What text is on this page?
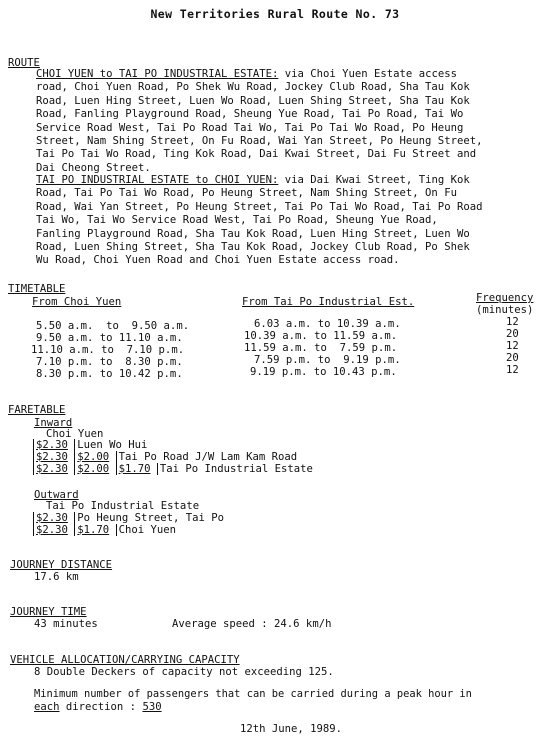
New Territories Rural Route No. 73
ROUTE
CHOI YUEN to TAI PO INDUSTRIAL ESTATE: via Choi Yuen Estate access
road, Choi Yuen Road, Po Shek Wu Road, Jockey Club Road, Sha Tau Kok
Road, Luen Hing Street, Luen Wo Road, Luen Shing Street, Sha Tau Kok
Road, Fanling Playground Road, Sheung Yue Road, Tai Po Road, Tai Wo
Service Road West, Tai Po Road Tai Wo, Tai Po Tai Wo Road, Po Heung
Street, Nam Shing Street, On Fu Road, Wai Yan Street, Po Heung Street,
Tai Po Tai Wo Road, Ting Kok Road, Dai Kwai Street, Dai Fu Street and
Dai Cheong Street.
TAI PO INDUSTRIAL ESTATE to CHOI YUEN: via Dai Kwai Street, Ting Kok
Road, Tai Po Tai Wo Road, Po Heung Street, Nam Shing Street, On Fu
Road, Wai Yan Street, Po Heung Street, Tai Po Tai Wo Road, Tai Po Road
Tai Wo, Tai Wo Service Road West, Tai Po Road, Sheung Yue Road,
Fanling Playground Road, Sha Tau Kok Road, Luen Hing Street, Luen Wo
Road, Luen Shing Street, Sha Tau Kok Road, Jockey Club Road, Po Shek
Wu Road, Choi Yuen Road and Choi Yuen Estate access road.
TIMETABLE
From Choi Yuen	From Tai Po Industrial Est.	Frequency
(minutes)
5.50 a.m.  to  9.50 a.m.	6.03 a.m. to 10.39 a.m.	12
9.50 a.m. to 11.10 a.m.	10.39 a.m. to 11.59 a.m.	20
11.10 a.m. to  7.10 p.m.	11.59 a.m. to  7.59 p.m.	12
7.10 p.m. to  8.30 p.m.	7.59 p.m. to  9.19 p.m.	20
8.30 p.m. to 10.42 p.m.	9.19 p.m. to 10.43 p.m.	12
FARETABLE
Inward
Choi Yuen
$2.30 Luen Wo Hui
$2.30 $2.00 Tai Po Road J/W Lam Kam Road
$2.30 $2.00 $1.70 Tai Po Industrial Estate
Outward
Tai Po Industrial Estate
$2.30 Po Heung Street, Tai Po
$2.30 $1.70 Choi Yuen
JOURNEY DISTANCE
17.6 km
JOURNEY TIME
43 minutes	Average speed : 24.6 km/h
VEHICLE ALLOCATION/CARRYING CAPACITY
8 Double Deckers of capacity not exceeding 125.
Minimum number of passengers that can be carried during a peak hour in
each direction : 530
12th June, 1989.
